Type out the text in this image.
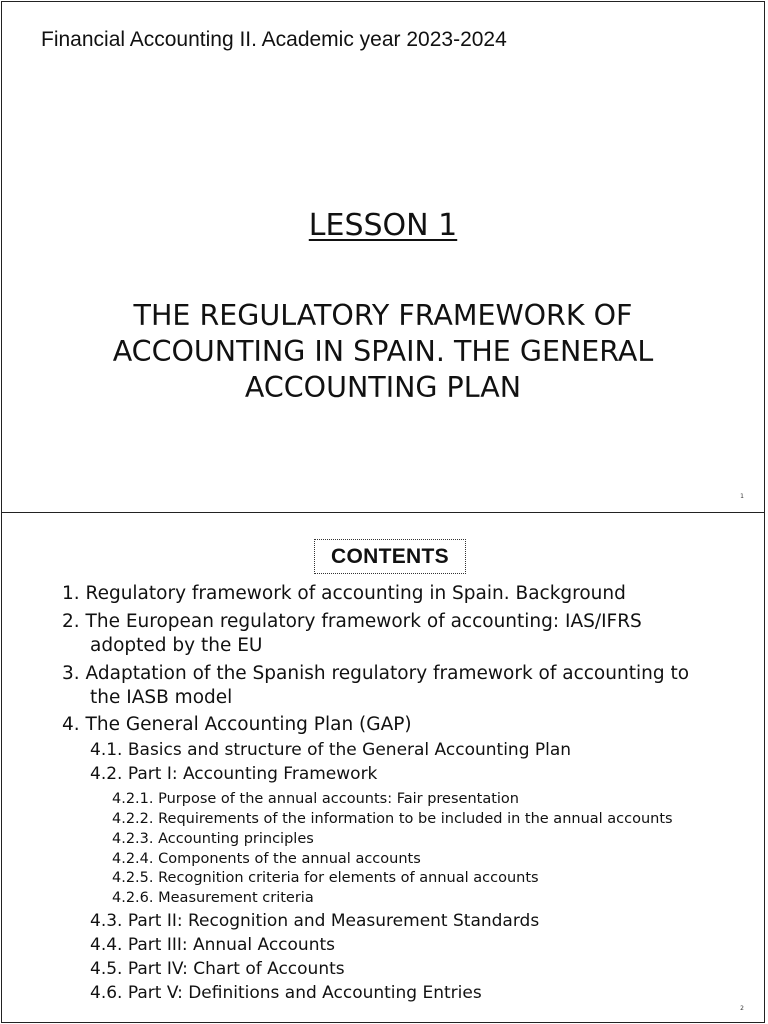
Financial Accounting II. Academic year 2023-2024
LESSON 1
THE REGULATORY FRAMEWORK OF ACCOUNTING IN SPAIN. THE GENERAL ACCOUNTING PLAN
1
CONTENTS
1. Regulatory framework of accounting in Spain. Background
2. The European regulatory framework of accounting: IAS/IFRS
adopted by the EU
3. Adaptation of the Spanish regulatory framework of accounting to
the IASB model
4. The General Accounting Plan (GAP)
4.1. Basics and structure of the General Accounting Plan
4.2. Part I: Accounting Framework
4.2.1. Purpose of the annual accounts: Fair presentation
4.2.2. Requirements of the information to be included in the annual accounts
4.2.3. Accounting principles
4.2.4. Components of the annual accounts
4.2.5. Recognition criteria for elements of annual accounts
4.2.6. Measurement criteria
4.3. Part II: Recognition and Measurement Standards
4.4. Part III: Annual Accounts
4.5. Part IV: Chart of Accounts
4.6. Part V: Definitions and Accounting Entries
2
